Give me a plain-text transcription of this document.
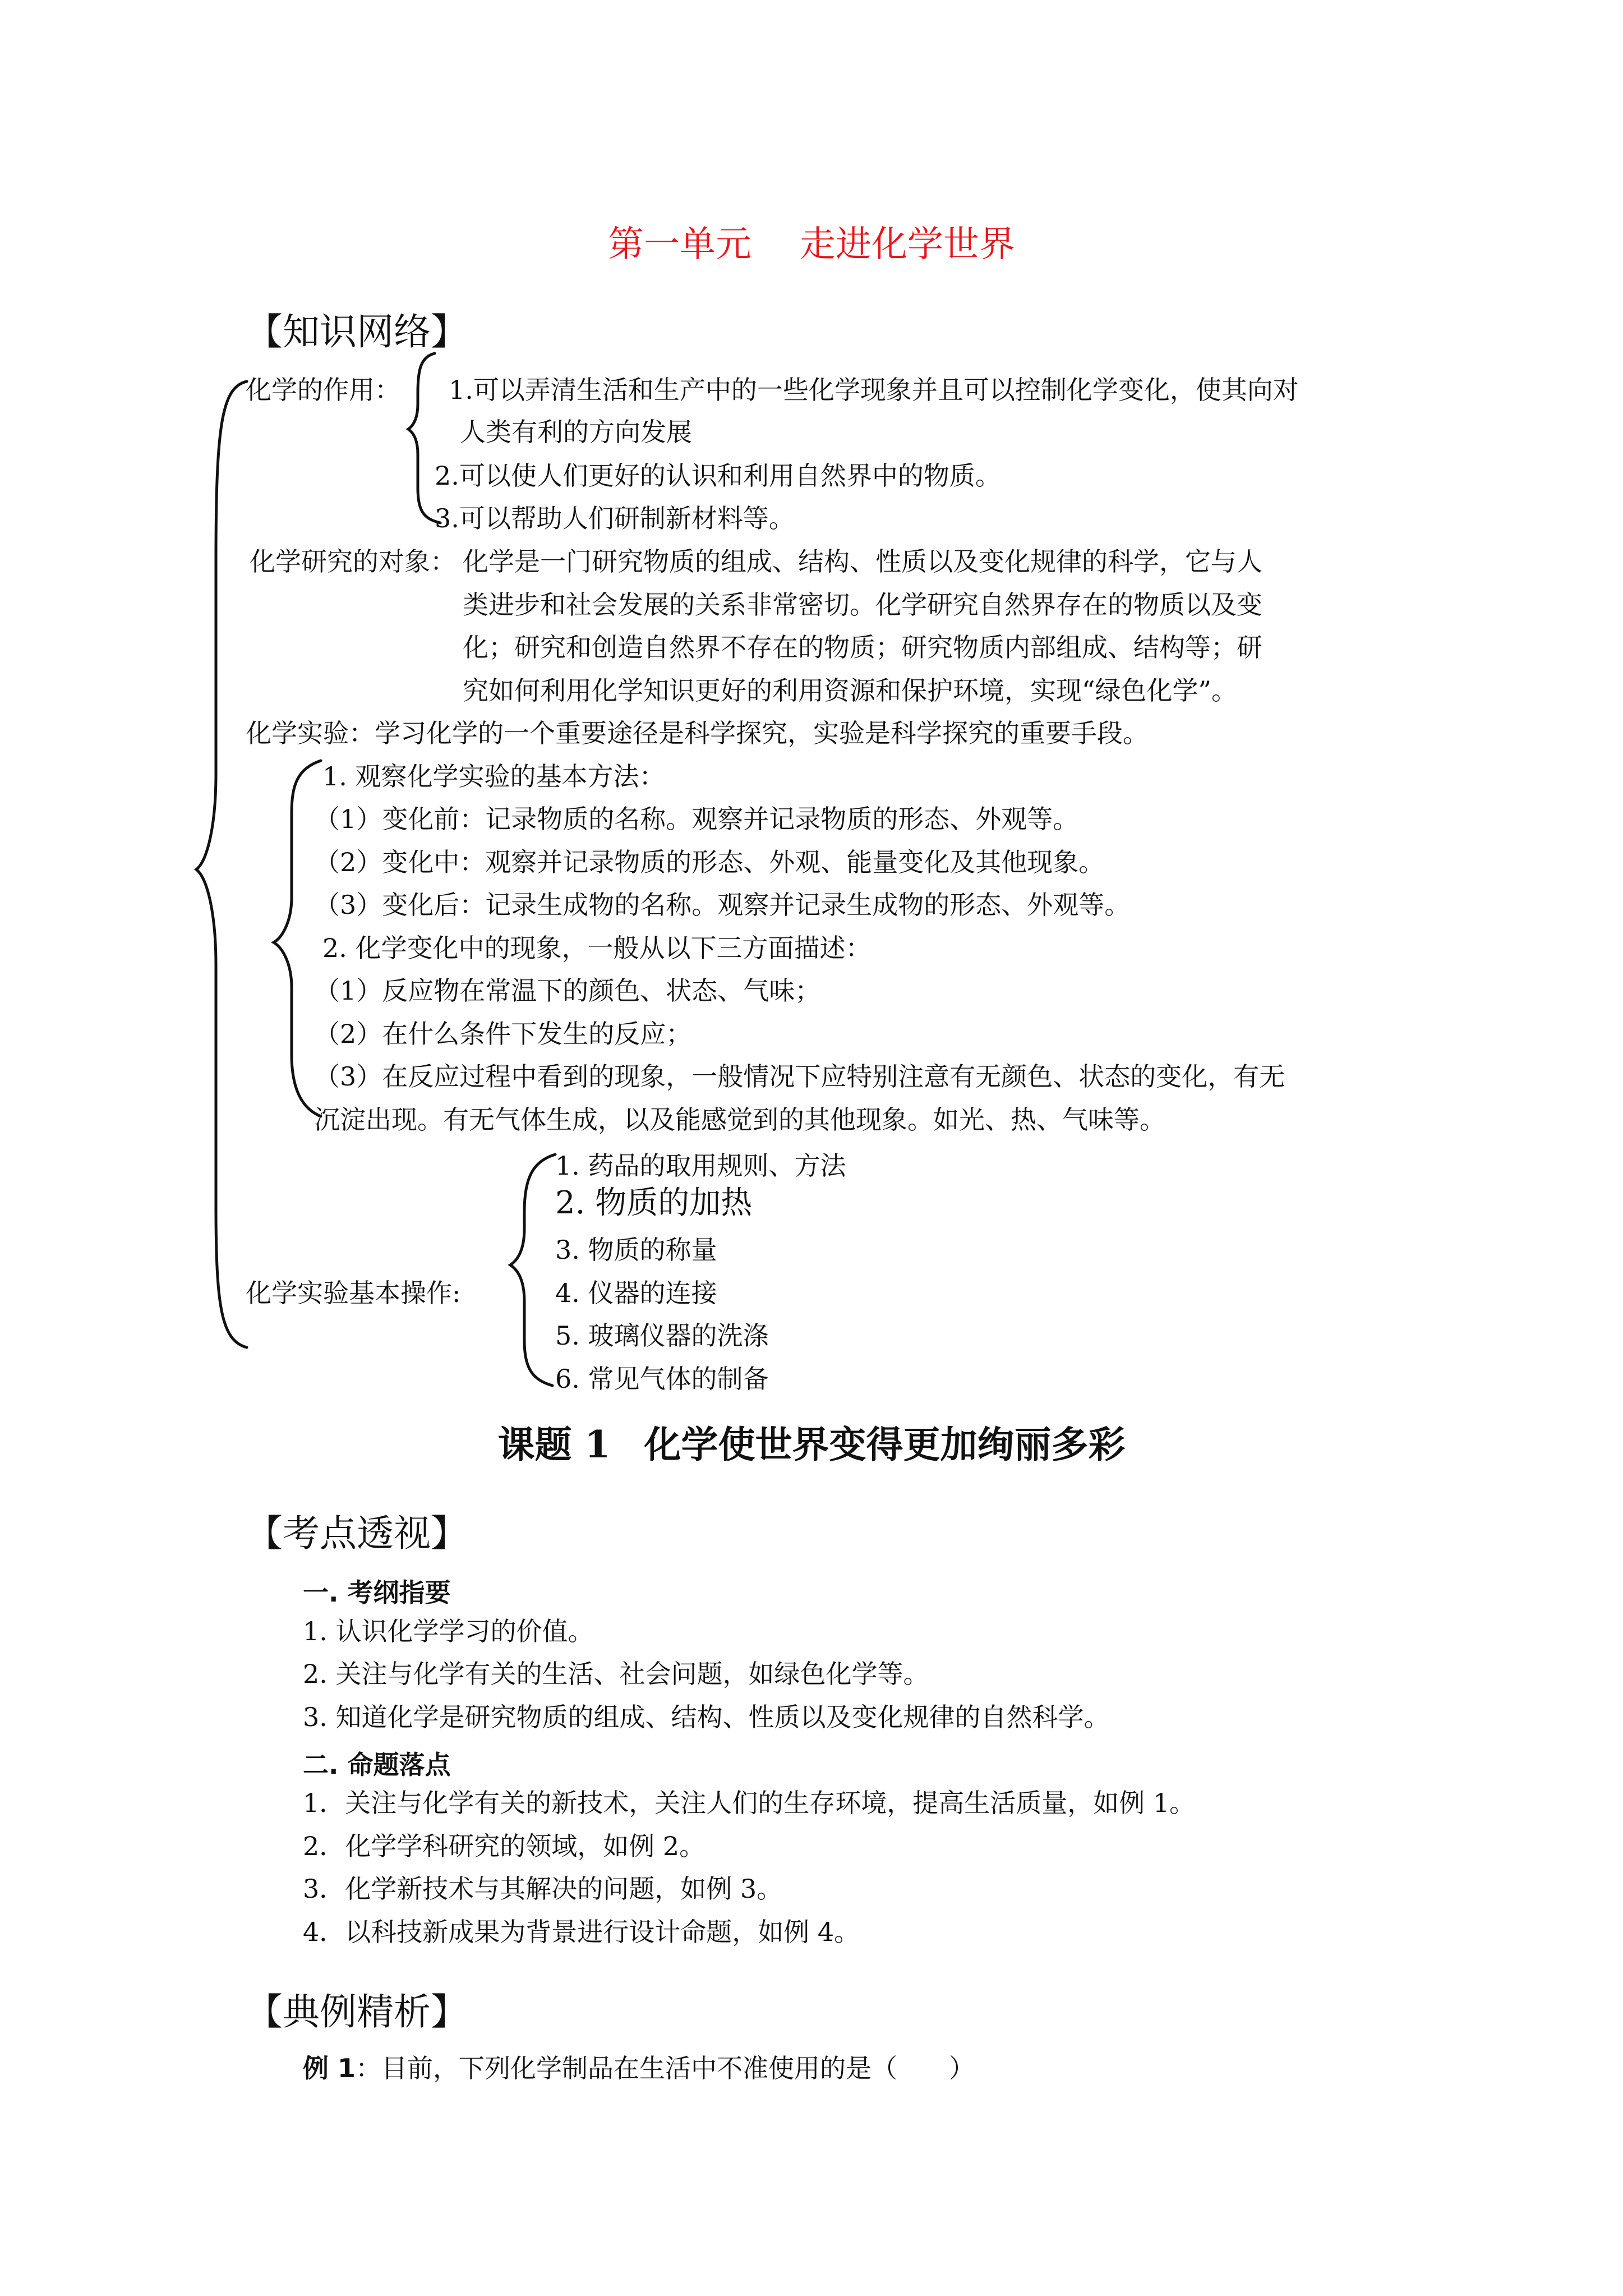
第一单元 走进化学世界
【知识网络】
化学的作用： 1.可以弄清生活和生产中的一些化学现象并且可以控制化学变化，使其向对
人类有利的方向发展
2.可以使人们更好的认识和利用自然界中的物质。
3.可以帮助人们研制新材料等。
化学研究的对象： 化学是一门研究物质的组成、结构、性质以及变化规律的科学，它与人
类进步和社会发展的关系非常密切。化学研究自然界存在的物质以及变
化；研究和创造自然界不存在的物质；研究物质内部组成、结构等；研
究如何利用化学知识更好的利用资源和保护环境，实现“绿色化学”。
化学实验：学习化学的一个重要途径是科学探究，实验是科学探究的重要手段。
1. 观察化学实验的基本方法：
（1）变化前：记录物质的名称。观察并记录物质的形态、外观等。
（2）变化中：观察并记录物质的形态、外观、能量变化及其他现象。
（3）变化后：记录生成物的名称。观察并记录生成物的形态、外观等。
2. 化学变化中的现象，一般从以下三方面描述：
（1）反应物在常温下的颜色、状态、气味；
（2）在什么条件下发生的反应；
（3）在反应过程中看到的现象，一般情况下应特别注意有无颜色、状态的变化，有无
沉淀出现。有无气体生成，以及能感觉到的其他现象。如光、热、气味等。
1. 药品的取用规则、方法
2. 物质的加热
3. 物质的称量
化学实验基本操作:	4. 仪器的连接
5. 玻璃仪器的洗涤
6. 常见气体的制备
课题 1 化学使世界变得更加绚丽多彩
【考点透视】
一. 考纲指要
1. 认识化学学习的价值。
2. 关注与化学有关的生活、社会问题，如绿色化学等。
3. 知道化学是研究物质的组成、结构、性质以及变化规律的自然科学。
二. 命题落点
1．关注与化学有关的新技术，关注人们的生存环境，提高生活质量，如例 1。
2．化学学科研究的领域，如例 2。
3．化学新技术与其解决的问题，如例 3。
4．以科技新成果为背景进行设计命题，如例 4。
【典例精析】
例 1：目前，下列化学制品在生活中不准使用的是（　　）
